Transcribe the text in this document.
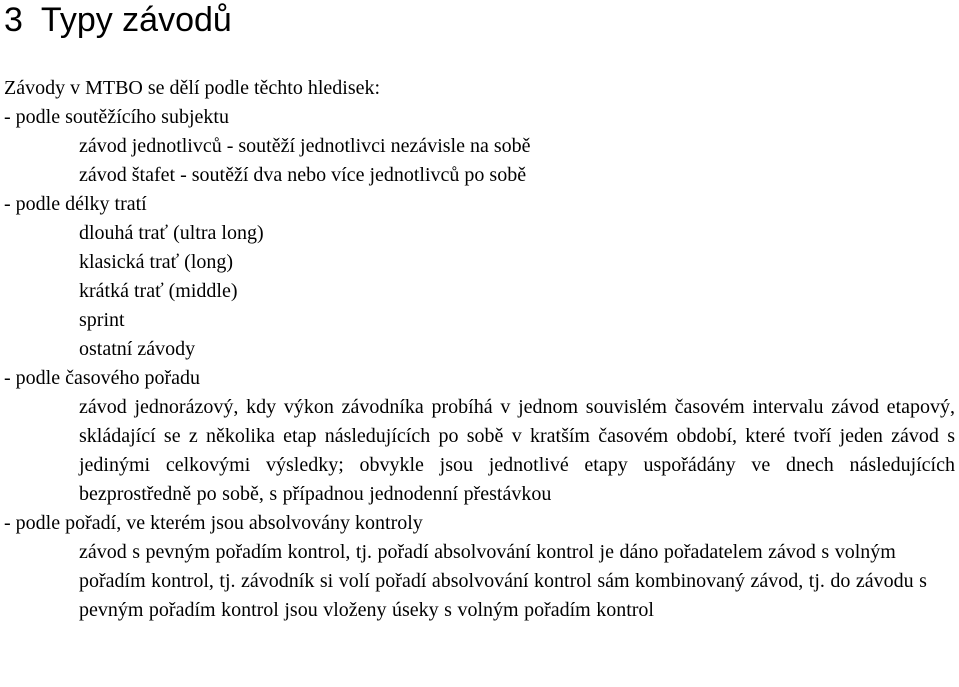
3 Typy závodů
Závody v MTBO se dělí podle těchto hledisek:
- podle soutěžícího subjektu
závod jednotlivců - soutěží jednotlivci nezávisle na sobě
závod štafet - soutěží dva nebo více jednotlivců po sobě
- podle délky tratí
dlouhá trať (ultra long)
klasická trať (long)
krátká trať (middle)
sprint
ostatní závody
- podle časového pořadu
závod jednorázový, kdy výkon závodníka probíhá v jednom souvislém časovém intervalu závod etapový, skládající se z několika etap následujících po sobě v kratším časovém období, které tvoří jeden závod s jedinými celkovými výsledky; obvykle jsou jednotlivé etapy uspořádány ve dnech následujících bezprostředně po sobě, s případnou jednodenní přestávkou
- podle pořadí, ve kterém jsou absolvovány kontroly
závod s pevným pořadím kontrol, tj. pořadí absolvování kontrol je dáno pořadatelem závod s volným pořadím kontrol, tj. závodník si volí pořadí absolvování kontrol sám kombinovaný závod, tj. do závodu s pevným pořadím kontrol jsou vloženy úseky s volným pořadím kontrol
